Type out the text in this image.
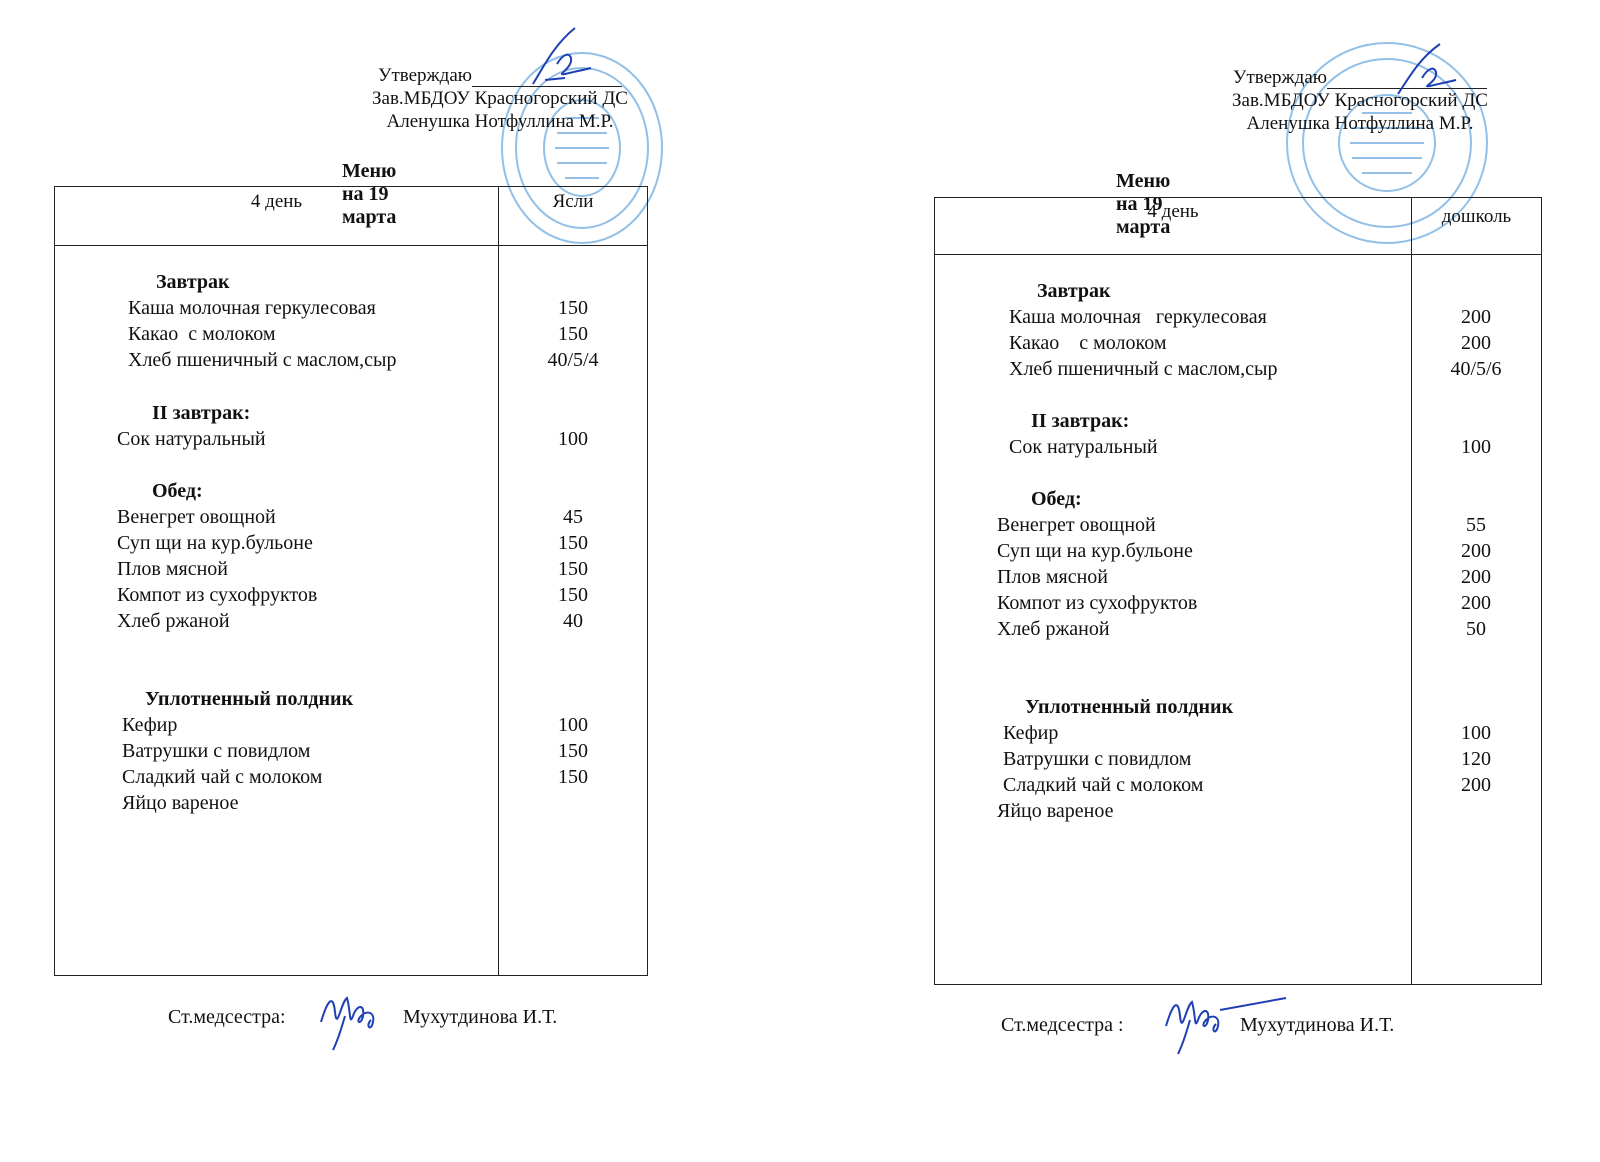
Утверждаю
Зав.МБДОУ Красногорский ДС
Аленушка Нотфуллина М.Р.
Меню на 19 марта
4 день	Ясли
Завтрак
Каша молочная геркулесовая	150
Какао  с молоком	150
Хлеб пшеничный с маслом,сыр	40/5/4
II завтрак:
Сок натуральный	100
Обед:
Венегрет овощной	45
Суп щи на кур.бульоне	150
Плов мясной	150
Компот из сухофруктов	150
Хлеб ржаной	40
Уплотненный полдник
Кефир	100
Ватрушки с повидлом	150
Сладкий чай с молоком	150
Яйцо вареное
Ст.медсестра:	Мухутдинова И.Т.
Утверждаю
Зав.МБДОУ Красногорский ДС
Аленушка Нотфуллина М.Р.
Меню на 19 марта
4 день	дошколь
Завтрак
Каша молочная   геркулесовая	200
Какао    с молоком	200
Хлеб пшеничный с маслом,сыр	40/5/6
II завтрак:
Сок натуральный	100
Обед:
Венегрет овощной	55
Суп щи на кур.бульоне	200
Плов мясной	200
Компот из сухофруктов	200
Хлеб ржаной	50
Уплотненный полдник
Кефир	100
Ватрушки с повидлом	120
Сладкий чай с молоком	200
Яйцо вареное
Ст.медсестра :	Мухутдинова И.Т.
